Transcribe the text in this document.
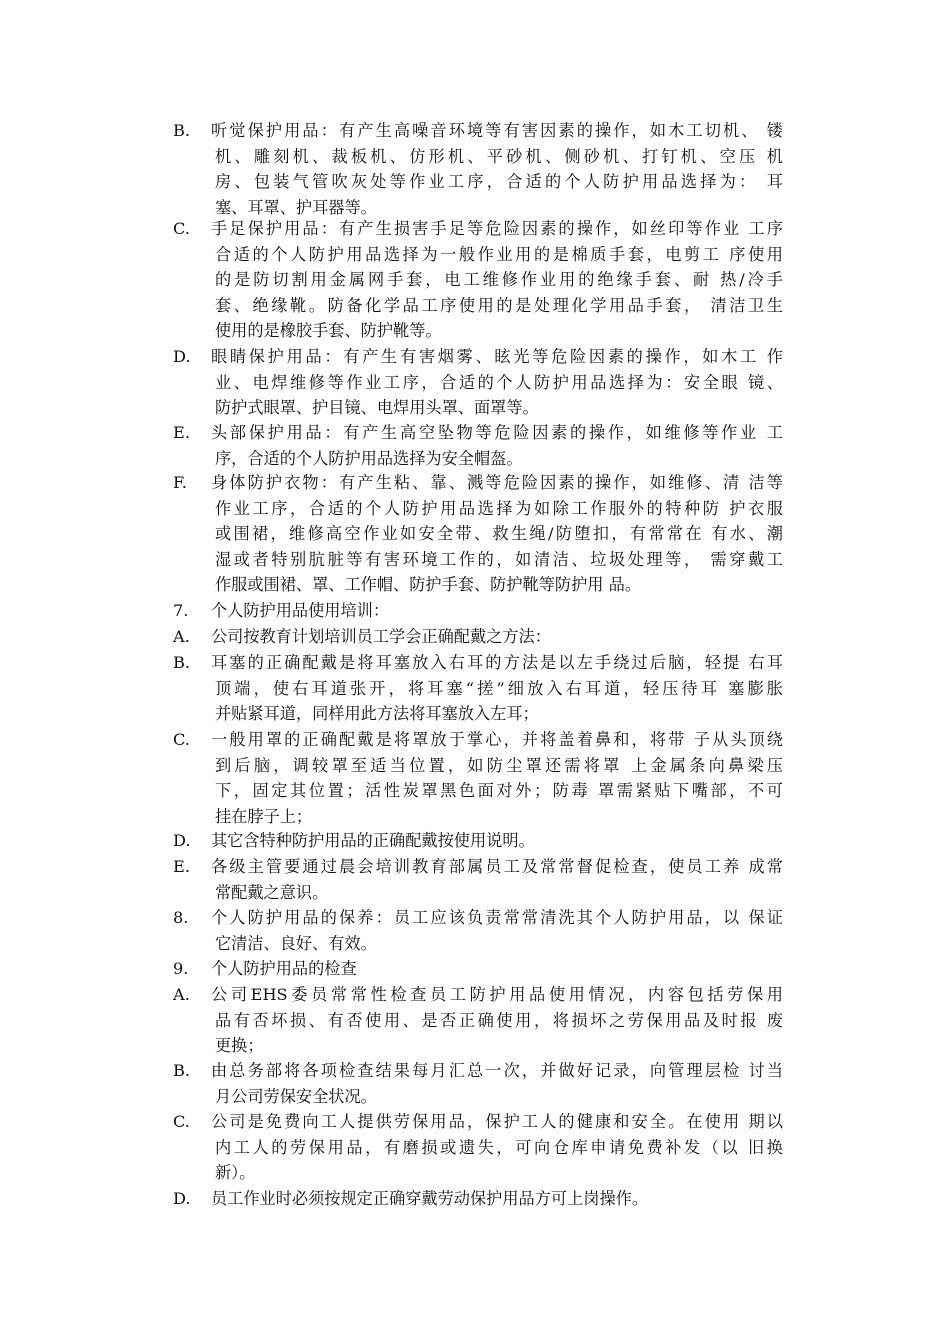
B. 听觉保护用品：有产生高噪音环境等有害因素的操作，如木工切机、 镂
机、雕刻机、裁板机、仿形机、平砂机、侧砂机、打钉机、空压 机
房、包装气管吹灰处等作业工序，合适的个人防护用品选择为： 耳
塞、耳罩、护耳器等。
C. 手足保护用品：有产生损害手足等危险因素的操作，如丝印等作业 工序
合适的个人防护用品选择为一般作业用的是棉质手套，电剪工 序使用
的是防切割用金属网手套，电工维修作业用的绝缘手套、耐 热/冷手
套、绝缘靴。防备化学品工序使用的是处理化学用品手套， 清洁卫生
使用的是橡胶手套、防护靴等。
D. 眼睛保护用品：有产生有害烟雾、眩光等危险因素的操作，如木工 作
业、电焊维修等作业工序，合适的个人防护用品选择为：安全眼 镜、
防护式眼罩、护目镜、电焊用头罩、面罩等。
E. 头部保护用品：有产生高空坠物等危险因素的操作，如维修等作业 工
序，合适的个人防护用品选择为安全帽盔。
F. 身体防护衣物：有产生粘、靠、溅等危险因素的操作，如维修、清 洁等
作业工序，合适的个人防护用品选择为如除工作服外的特种防 护衣服
或围裙，维修高空作业如安全带、救生绳/防堕扣，有常常在 有水、潮
湿或者特别肮脏等有害环境工作的，如清洁、垃圾处理等， 需穿戴工
作服或围裙、罩、工作帽、防护手套、防护靴等防护用 品。
7. 个人防护用品使用培训：
A. 公司按教育计划培训员工学会正确配戴之方法：
B. 耳塞的正确配戴是将耳塞放入右耳的方法是以左手绕过后脑，轻提 右耳
顶端，使右耳道张开，将耳塞“搓”细放入右耳道，轻压待耳 塞膨胀
并贴紧耳道，同样用此方法将耳塞放入左耳；
C. 一般用罩的正确配戴是将罩放于掌心，并将盖着鼻和，将带 子从头顶绕
到后脑，调较罩至适当位置，如防尘罩还需将罩 上金属条向鼻梁压
下，固定其位置；活性炭罩黑色面对外；防毒 罩需紧贴下嘴部，不可
挂在脖子上；
D. 其它含特种防护用品的正确配戴按使用说明。
E. 各级主管要通过晨会培训教育部属员工及常常督促检查，使员工养 成常
常配戴之意识。
8. 个人防护用品的保养：员工应该负责常常清洗其个人防护用品，以 保证
它清洁、良好、有效。
9. 个人防护用品的检查
A. 公司EHS委员常常性检查员工防护用品使用情况，内容包括劳保用
品有否坏损、有否使用、是否正确使用，将损坏之劳保用品及时报 废
更换；
B. 由总务部将各项检查结果每月汇总一次，并做好记录，向管理层检 讨当
月公司劳保安全状况。
C. 公司是免费向工人提供劳保用品，保护工人的健康和安全。在使用 期以
内工人的劳保用品，有磨损或遗失，可向仓库申请免费补发（以 旧换
新）。
D. 员工作业时必须按规定正确穿戴劳动保护用品方可上岗操作。
